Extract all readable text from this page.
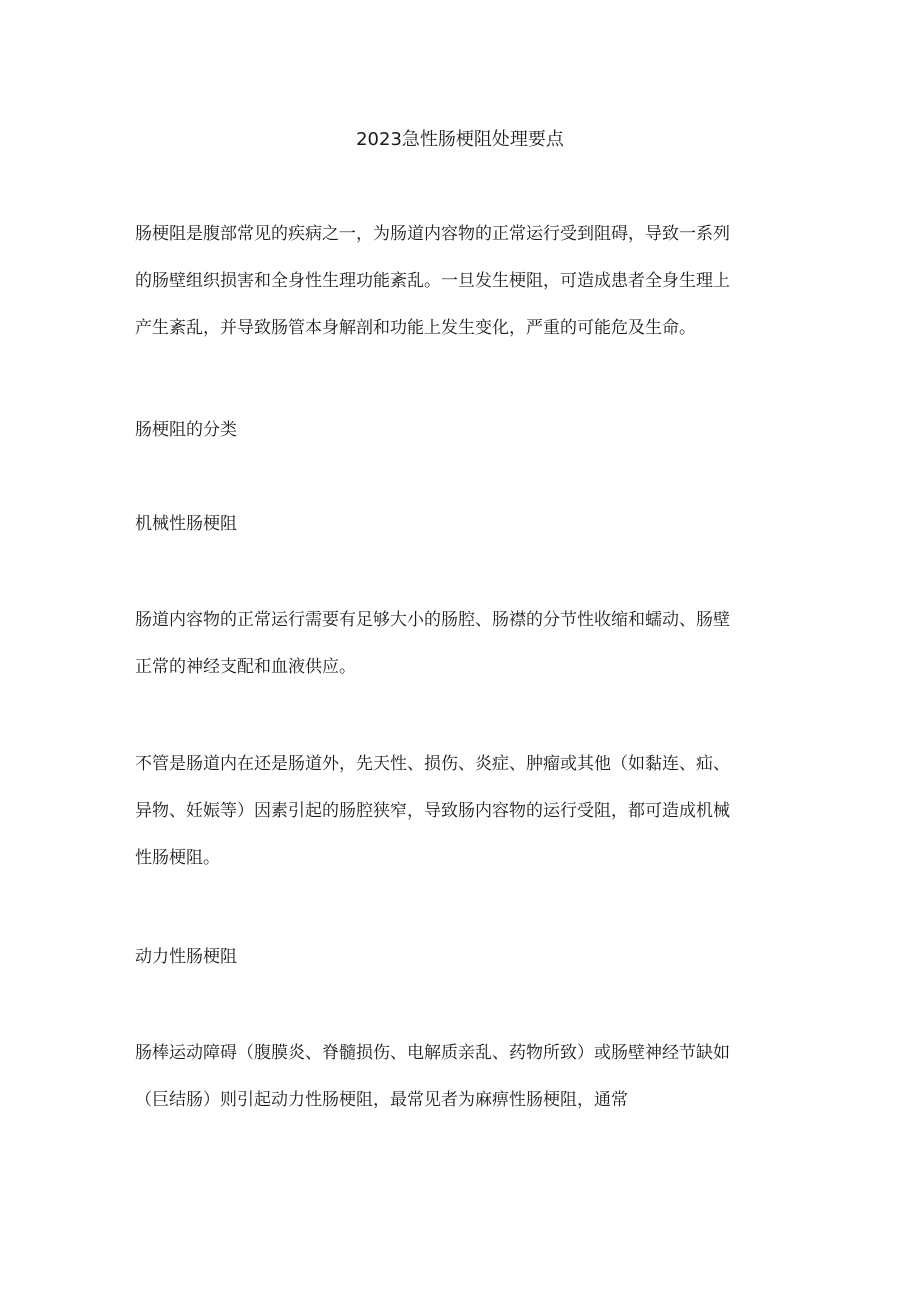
2023急性肠梗阻处理要点
肠梗阻是腹部常见的疾病之一，为肠道内容物的正常运行受到阻碍，导致一系列
的肠壁组织损害和全身性生理功能紊乱。一旦发生梗阻，可造成患者全身生理上
产生紊乱，并导致肠管本身解剖和功能上发生变化，严重的可能危及生命。
肠梗阻的分类
机械性肠梗阻
肠道内容物的正常运行需要有足够大小的肠腔、肠襟的分节性收缩和蠕动、肠壁
正常的神经支配和血液供应。
不管是肠道内在还是肠道外，先天性、损伤、炎症、肿瘤或其他（如黏连、疝、
异物、妊娠等）因素引起的肠腔狭窄，导致肠内容物的运行受阻，都可造成机械
性肠梗阻。
动力性肠梗阻
肠棒运动障碍（腹膜炎、脊髓损伤、电解质亲乱、药物所致）或肠壁神经节缺如
（巨结肠）则引起动力性肠梗阻，最常见者为麻痹性肠梗阻，通常
